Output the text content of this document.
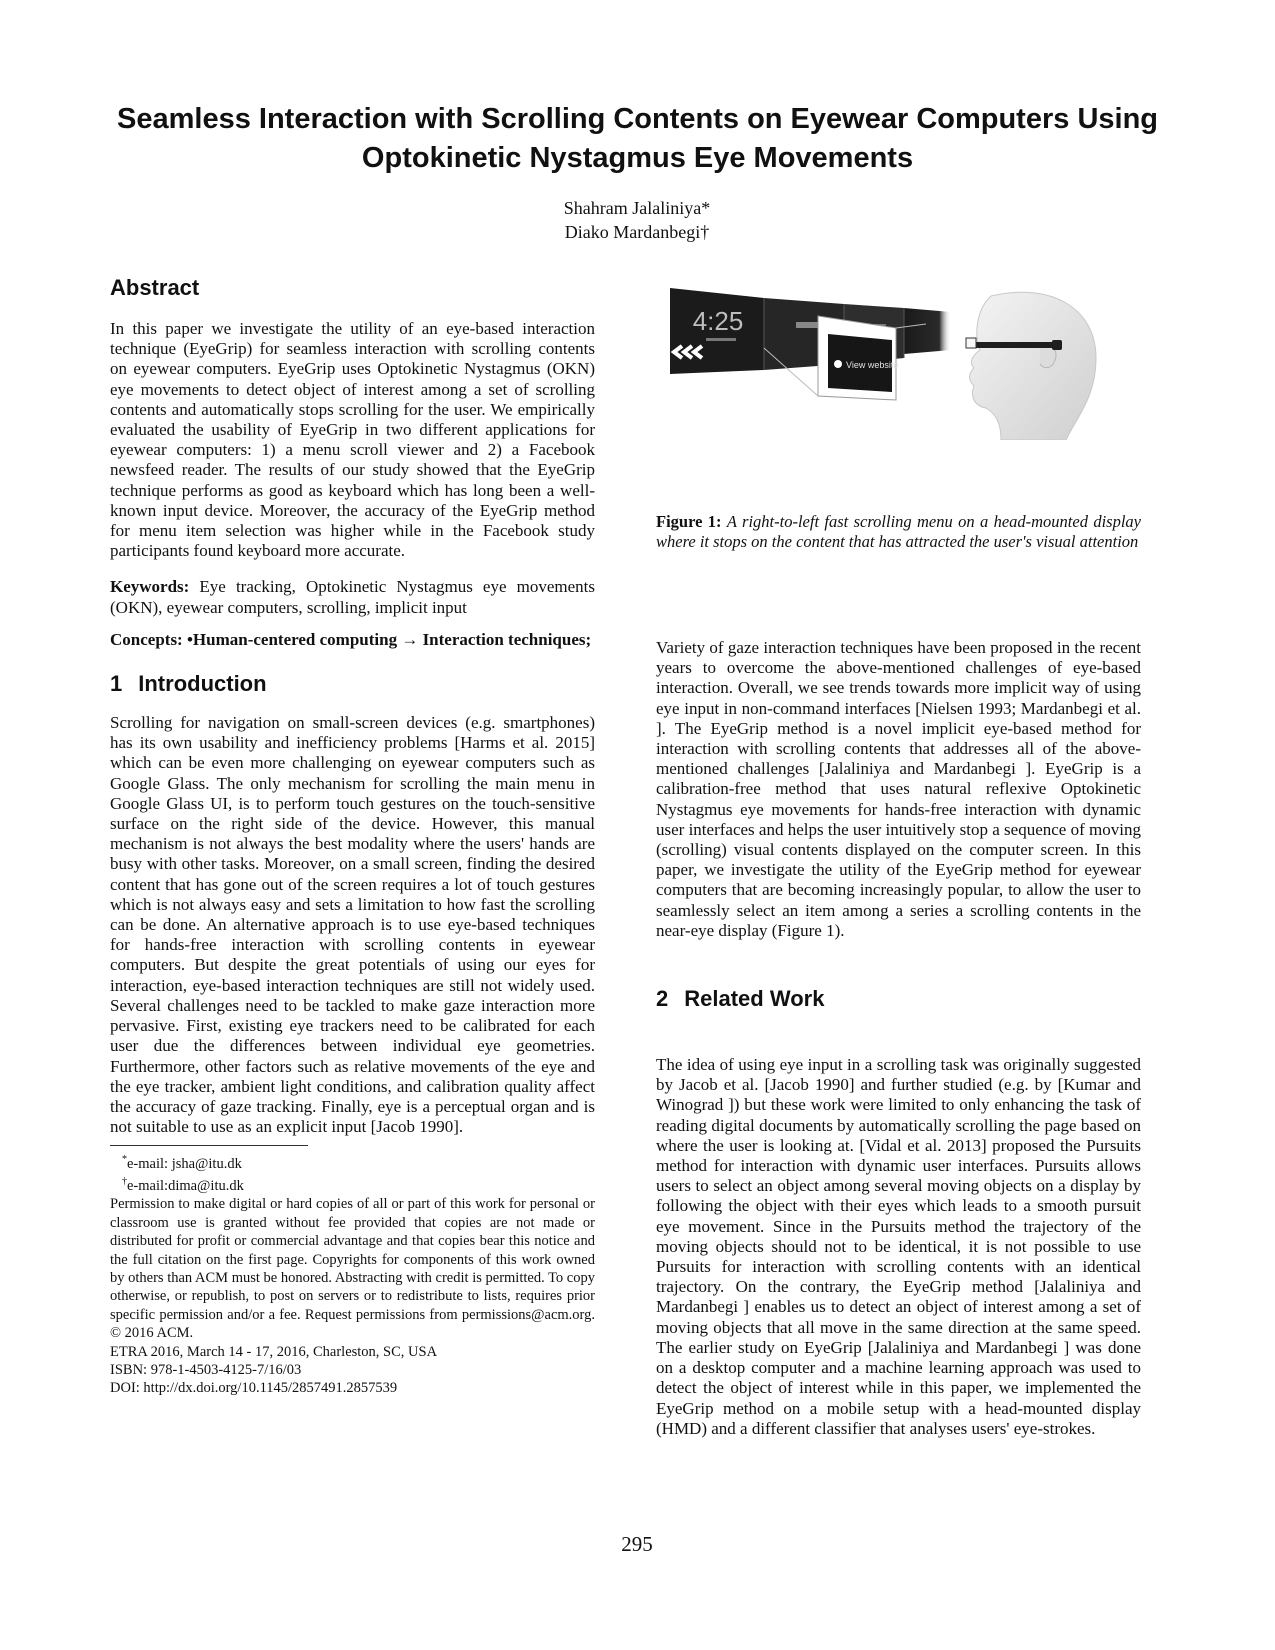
Seamless Interaction with Scrolling Contents on Eyewear Computers Using
Optokinetic Nystagmus Eye Movements
Shahram Jalaliniya*
Diako Mardanbegi†
Abstract

In this paper we investigate the utility of an eye-based interaction technique (EyeGrip) for seamless interaction with scrolling contents on eyewear computers. EyeGrip uses Optokinetic Nystagmus (OKN) eye movements to detect object of interest among a set of scrolling contents and automatically stops scrolling for the user. We empirically evaluated the usability of EyeGrip in two different applications for eyewear computers: 1) a menu scroll viewer and 2) a Facebook newsfeed reader. The results of our study showed that the EyeGrip technique performs as good as keyboard which has long been a well-known input device. Moreover, the accuracy of the EyeGrip method for menu item selection was higher while in the Facebook study participants found keyboard more accurate.

Keywords: Eye tracking, Optokinetic Nystagmus eye movements (OKN), eyewear computers, scrolling, implicit input

Concepts: •Human-centered computing → Interaction techniques;

1 Introduction

Scrolling for navigation on small-screen devices (e.g. smartphones) has its own usability and inefficiency problems [Harms et al. 2015] which can be even more challenging on eyewear computers such as Google Glass. The only mechanism for scrolling the main menu in Google Glass UI, is to perform touch gestures on the touch-sensitive surface on the right side of the device. However, this manual mechanism is not always the best modality where the users' hands are busy with other tasks. Moreover, on a small screen, finding the desired content that has gone out of the screen requires a lot of touch gestures which is not always easy and sets a limitation to how fast the scrolling can be done. An alternative approach is to use eye-based techniques for hands-free interaction with scrolling contents in eyewear computers. But despite the great potentials of using our eyes for interaction, eye-based interaction techniques are still not widely used. Several challenges need to be tackled to make gaze interaction more pervasive. First, existing eye trackers need to be calibrated for each user due the differences between individual eye geometries. Furthermore, other factors such as relative movements of the eye and the eye tracker, ambient light conditions, and calibration quality affect the accuracy of gaze tracking. Finally, eye is a perceptual organ and is not suitable to use as an explicit input [Jacob 1990].

*e-mail: jsha@itu.dk
†e-mail:dima@itu.dk

Permission to make digital or hard copies of all or part of this work for personal or classroom use is granted without fee provided that copies are not made or distributed for profit or commercial advantage and that copies bear this notice and the full citation on the first page. Copyrights for components of this work owned by others than ACM must be honored. Abstracting with credit is permitted. To copy otherwise, or republish, to post on servers or to redistribute to lists, requires prior specific permission and/or a fee. Request permissions from permissions@acm.org. © 2016 ACM.

ETRA 2016, March 14 - 17, 2016, Charleston, SC, USA
ISBN: 978-1-4503-4125-7/16/03
DOI: http://dx.doi.org/10.1145/2857491.2857539
4:25
View website

Figure 1: A right-to-left fast scrolling menu on a head-mounted display where it stops on the content that has attracted the user's visual attention

Variety of gaze interaction techniques have been proposed in the recent years to overcome the above-mentioned challenges of eye-based interaction. Overall, we see trends towards more implicit way of using eye input in non-command interfaces [Nielsen 1993; Mardanbegi et al. ]. The EyeGrip method is a novel implicit eye-based method for interaction with scrolling contents that addresses all of the above-mentioned challenges [Jalaliniya and Mardanbegi ]. EyeGrip is a calibration-free method that uses natural reflexive Optokinetic Nystagmus eye movements for hands-free interaction with dynamic user interfaces and helps the user intuitively stop a sequence of moving (scrolling) visual contents displayed on the computer screen. In this paper, we investigate the utility of the EyeGrip method for eyewear computers that are becoming increasingly popular, to allow the user to seamlessly select an item among a series a scrolling contents in the near-eye display (Figure 1).

2 Related Work

The idea of using eye input in a scrolling task was originally suggested by Jacob et al. [Jacob 1990] and further studied (e.g. by [Kumar and Winograd ]) but these work were limited to only enhancing the task of reading digital documents by automatically scrolling the page based on where the user is looking at. [Vidal et al. 2013] proposed the Pursuits method for interaction with dynamic user interfaces. Pursuits allows users to select an object among several moving objects on a display by following the object with their eyes which leads to a smooth pursuit eye movement. Since in the Pursuits method the trajectory of the moving objects should not to be identical, it is not possible to use Pursuits for interaction with scrolling contents with an identical trajectory. On the contrary, the EyeGrip method [Jalaliniya and Mardanbegi ] enables us to detect an object of interest among a set of moving objects that all move in the same direction at the same speed. The earlier study on EyeGrip [Jalaliniya and Mardanbegi ] was done on a desktop computer and a machine learning approach was used to detect the object of interest while in this paper, we implemented the EyeGrip method on a mobile setup with a head-mounted display (HMD) and a different classifier that analyses users' eye-strokes.

295
